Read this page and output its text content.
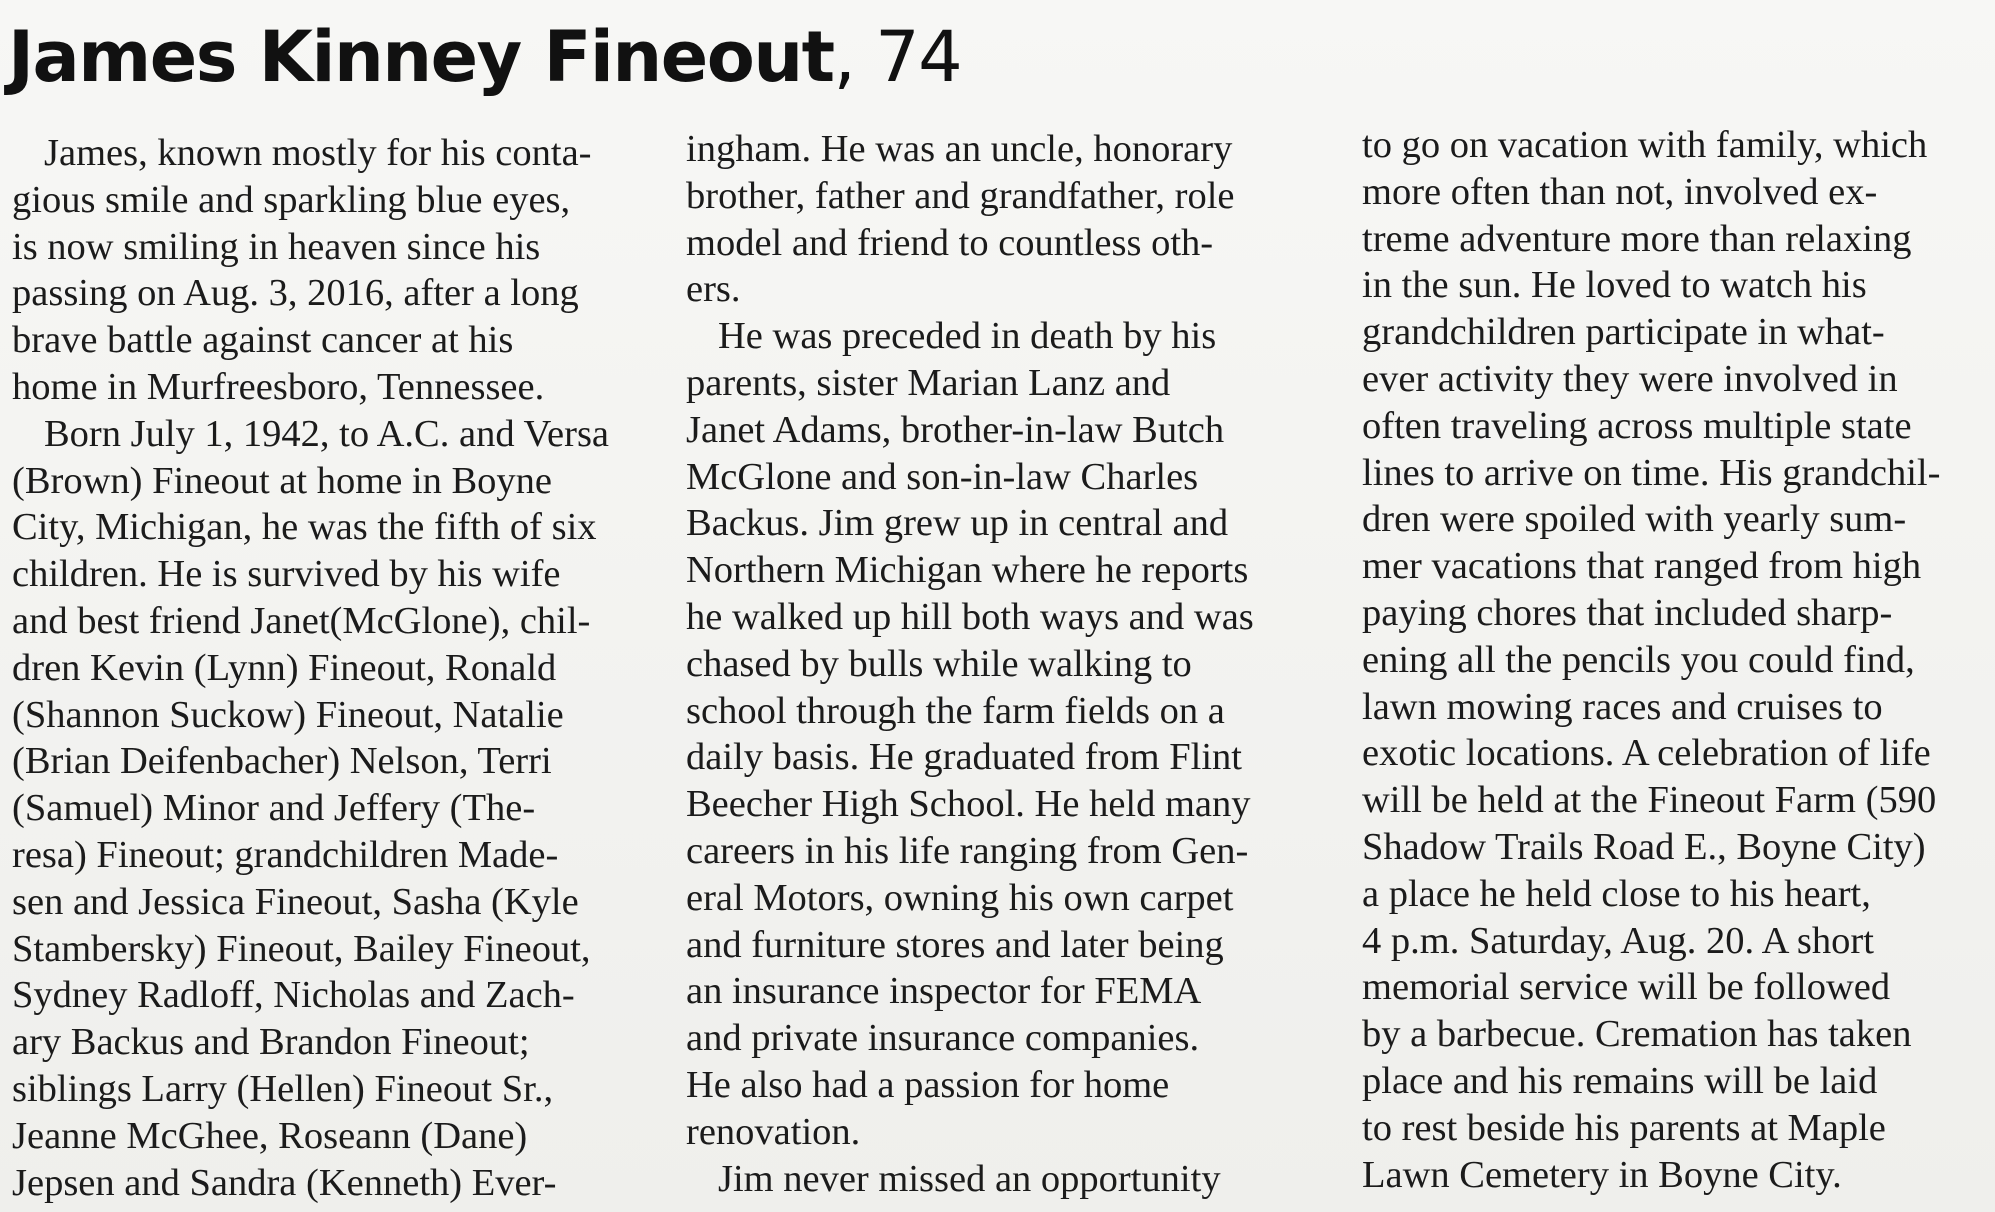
James Kinney Fineout, 74
James, known mostly for his conta-
gious smile and sparkling blue eyes,
is now smiling in heaven since his
passing on Aug. 3, 2016, after a long
brave battle against cancer at his
home in Murfreesboro, Tennessee.
Born July 1, 1942, to A.C. and Versa
(Brown) Fineout at home in Boyne
City, Michigan, he was the fifth of six
children. He is survived by his wife
and best friend Janet(McGlone), chil-
dren Kevin (Lynn) Fineout, Ronald
(Shannon Suckow) Fineout, Natalie
(Brian Deifenbacher) Nelson, Terri
(Samuel) Minor and Jeffery (The-
resa) Fineout; grandchildren Made-
sen and Jessica Fineout, Sasha (Kyle
Stambersky) Fineout, Bailey Fineout,
Sydney Radloff, Nicholas and Zach-
ary Backus and Brandon Fineout;
siblings Larry (Hellen) Fineout Sr.,
Jeanne McGhee, Roseann (Dane)
Jepsen and Sandra (Kenneth) Ever-
ingham. He was an uncle, honorary
brother, father and grandfather, role
model and friend to countless oth-
ers.
He was preceded in death by his
parents, sister Marian Lanz and
Janet Adams, brother-in-law Butch
McGlone and son-in-law Charles
Backus. Jim grew up in central and
Northern Michigan where he reports
he walked up hill both ways and was
chased by bulls while walking to
school through the farm fields on a
daily basis. He graduated from Flint
Beecher High School. He held many
careers in his life ranging from Gen-
eral Motors, owning his own carpet
and furniture stores and later being
an insurance inspector for FEMA
and private insurance companies.
He also had a passion for home
renovation.
Jim never missed an opportunity
to go on vacation with family, which
more often than not, involved ex-
treme adventure more than relaxing
in the sun. He loved to watch his
grandchildren participate in what-
ever activity they were involved in
often traveling across multiple state
lines to arrive on time. His grandchil-
dren were spoiled with yearly sum-
mer vacations that ranged from high
paying chores that included sharp-
ening all the pencils you could find,
lawn mowing races and cruises to
exotic locations. A celebration of life
will be held at the Fineout Farm (590
Shadow Trails Road E., Boyne City)
a place he held close to his heart,
4 p.m. Saturday, Aug. 20. A short
memorial service will be followed
by a barbecue. Cremation has taken
place and his remains will be laid
to rest beside his parents at Maple
Lawn Cemetery in Boyne City.
